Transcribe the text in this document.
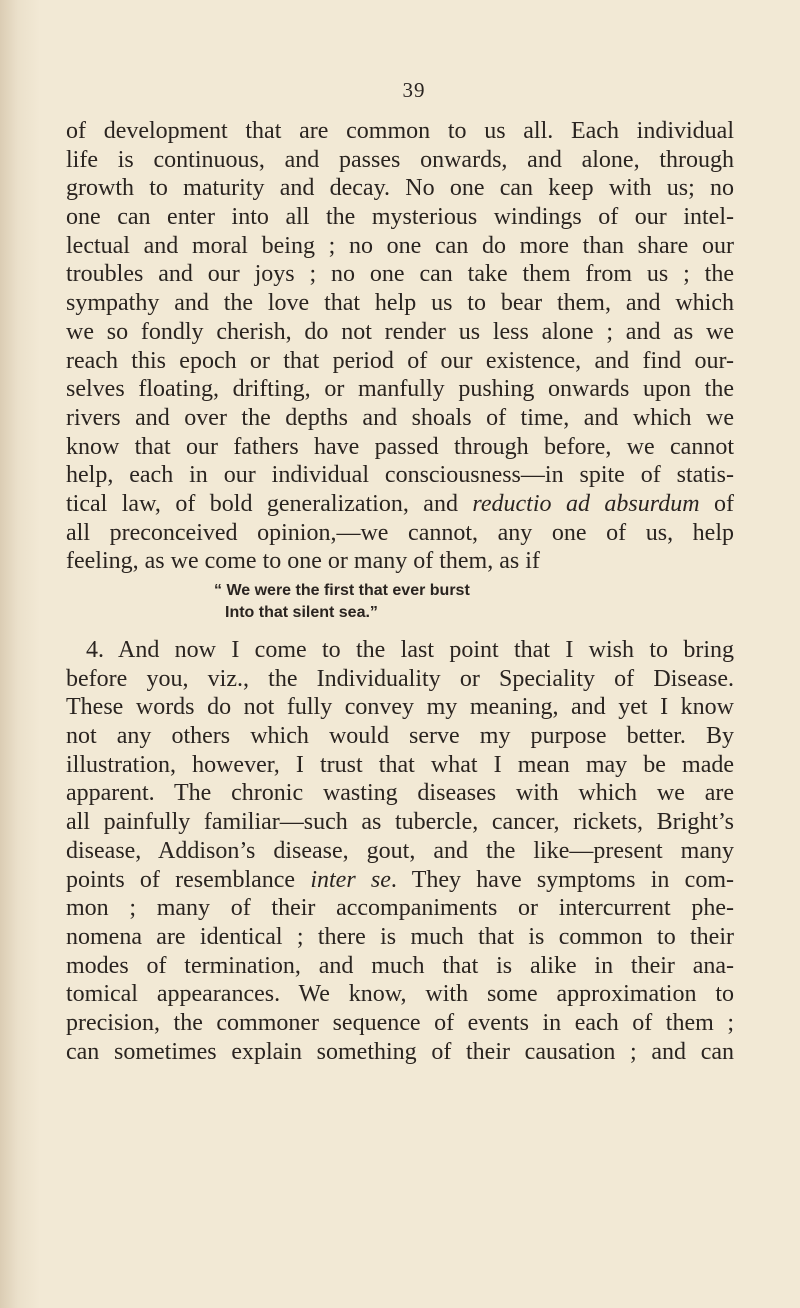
39
of development that are common to us all. Each individual
life is continuous, and passes onwards, and alone, through
growth to maturity and decay. No one can keep with us; no
one can enter into all the mysterious windings of our intel-
lectual and moral being ; no one can do more than share our
troubles and our joys ; no one can take them from us ; the
sympathy and the love that help us to bear them, and which
we so fondly cherish, do not render us less alone ; and as we
reach this epoch or that period of our existence, and find our-
selves floating, drifting, or manfully pushing onwards upon the
rivers and over the depths and shoals of time, and which we
know that our fathers have passed through before, we cannot
help, each in our individual consciousness—in spite of statis-
tical law, of bold generalization, and reductio ad absurdum of
all preconceived opinion,—we cannot, any one of us, help
feeling, as we come to one or many of them, as if
“ We were the first that ever burst
Into that silent sea.”
4. And now I come to the last point that I wish to bring
before you, viz., the Individuality or Speciality of Disease.
These words do not fully convey my meaning, and yet I know
not any others which would serve my purpose better. By
illustration, however, I trust that what I mean may be made
apparent. The chronic wasting diseases with which we are
all painfully familiar—such as tubercle, cancer, rickets, Bright’s
disease, Addison’s disease, gout, and the like—present many
points of resemblance inter se. They have symptoms in com-
mon ; many of their accompaniments or intercurrent phe-
nomena are identical ; there is much that is common to their
modes of termination, and much that is alike in their ana-
tomical appearances. We know, with some approximation to
precision, the commoner sequence of events in each of them ;
can sometimes explain something of their causation ; and can
